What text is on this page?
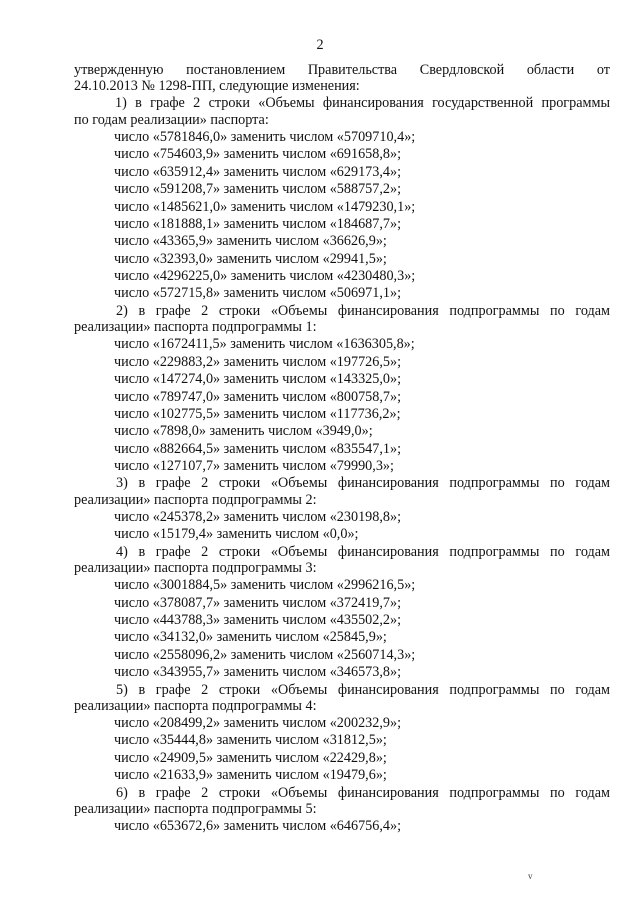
2
утвержденную постановлением Правительства Свердловской области от
24.10.2013 № 1298-ПП, следующие изменения:
1) в графе 2 строки «Объемы финансирования государственной программы
по годам реализации» паспорта:
число «5781846,0» заменить числом «5709710,4»;
число «754603,9» заменить числом «691658,8»;
число «635912,4» заменить числом «629173,4»;
число «591208,7» заменить числом «588757,2»;
число «1485621,0» заменить числом «1479230,1»;
число «181888,1» заменить числом «184687,7»;
число «43365,9» заменить числом «36626,9»;
число «32393,0» заменить числом «29941,5»;
число «4296225,0» заменить числом «4230480,3»;
число «572715,8» заменить числом «506971,1»;
2) в графе 2 строки «Объемы финансирования подпрограммы по годам
реализации» паспорта подпрограммы 1:
число «1672411,5» заменить числом «1636305,8»;
число «229883,2» заменить числом «197726,5»;
число «147274,0» заменить числом «143325,0»;
число «789747,0» заменить числом «800758,7»;
число «102775,5» заменить числом «117736,2»;
число «7898,0» заменить числом «3949,0»;
число «882664,5» заменить числом «835547,1»;
число «127107,7» заменить числом «79990,3»;
3) в графе 2 строки «Объемы финансирования подпрограммы по годам
реализации» паспорта подпрограммы 2:
число «245378,2» заменить числом «230198,8»;
число «15179,4» заменить числом «0,0»;
4) в графе 2 строки «Объемы финансирования подпрограммы по годам
реализации» паспорта подпрограммы 3:
число «3001884,5» заменить числом «2996216,5»;
число «378087,7» заменить числом «372419,7»;
число «443788,3» заменить числом «435502,2»;
число «34132,0» заменить числом «25845,9»;
число «2558096,2» заменить числом «2560714,3»;
число «343955,7» заменить числом «346573,8»;
5) в графе 2 строки «Объемы финансирования подпрограммы по годам
реализации» паспорта подпрограммы 4:
число «208499,2» заменить числом «200232,9»;
число «35444,8» заменить числом «31812,5»;
число «24909,5» заменить числом «22429,8»;
число «21633,9» заменить числом «19479,6»;
6) в графе 2 строки «Объемы финансирования подпрограммы по годам
реализации» паспорта подпрограммы 5:
число «653672,6» заменить числом «646756,4»;
v
